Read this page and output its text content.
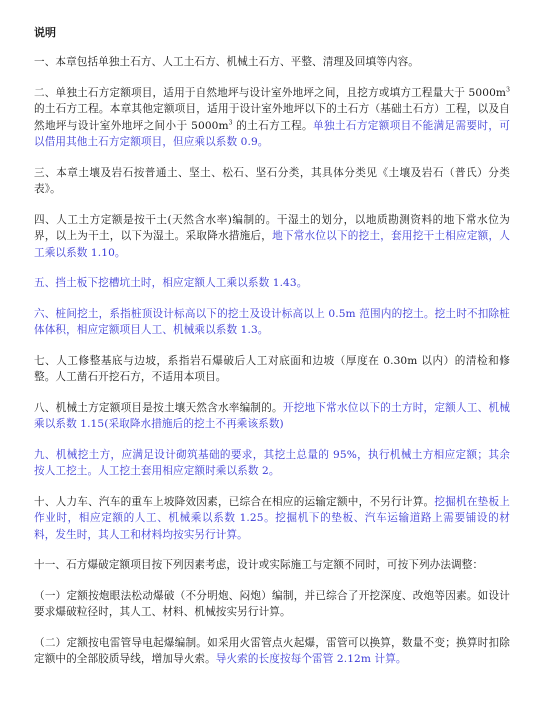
说明

一、本章包括单独土石方、人工土石方、机械土石方、平整、清理及回填等内容。

二、单独土石方定额项目，适用于自然地坪与设计室外地坪之间，且挖方或填方工程量大于 $5000m^3$ 的土石方工程。本章其他定额项目，适用于设计室外地坪以下的土石方（基础土石方）工程，以及自然地坪与设计室外地坪之间小于 $5000m^3$ 的土石方工程。单独土石方定额项目不能满足需要时，可以借用其他土石方定额项目，但应乘以系数 0.9。

三、本章土壤及岩石按普通土、坚土、松石、坚石分类，其具体分类见《土壤及岩石（普氏）分类表》。

四、人工土方定额是按干土(天然含水率)编制的。干湿土的划分，以地质勘测资料的地下常水位为界，以上为干土，以下为湿土。采取降水措施后，地下常水位以下的挖土，套用挖干土相应定额，人工乘以系数 1.10。

五、挡土板下挖槽坑土时，相应定额人工乘以系数 1.43。

六、桩间挖土，系指桩顶设计标高以下的挖土及设计标高以上 0.5m 范围内的挖土。挖土时不扣除桩体体积，相应定额项目人工、机械乘以系数 1.3。

七、人工修整基底与边坡，系指岩石爆破后人工对底面和边坡（厚度在 0.30m 以内）的清检和修整。人工凿石开挖石方，不适用本项目。

八、机械土方定额项目是按土壤天然含水率编制的。开挖地下常水位以下的土方时，定额人工、机械乘以系数 1.15(采取降水措施后的挖土不再乘该系数)

九、机械挖土方，应满足设计砌筑基础的要求，其挖土总量的 95%，执行机械土方相应定额；其余按人工挖土。人工挖土套用相应定额时乘以系数 2。

十、人力车、汽车的重车上坡降效因素，已综合在相应的运输定额中，不另行计算。挖掘机在垫板上作业时，相应定额的人工、机械乘以系数 1.25。挖掘机下的垫板、汽车运输道路上需要铺设的材料，发生时，其人工和材料均按实另行计算。

十一、石方爆破定额项目按下列因素考虑，设计或实际施工与定额不同时，可按下列办法调整：

（一）定额按炮眼法松动爆破（不分明炮、闷炮）编制，并已综合了开挖深度、改炮等因素。如设计要求爆破粒径时，其人工、材料、机械按实另行计算。

（二）定额按电雷管导电起爆编制。如采用火雷管点火起爆，雷管可以换算，数量不变；换算时扣除定额中的全部胶质导线，增加导火索。导火索的长度按每个雷管 2.12m 计算。
